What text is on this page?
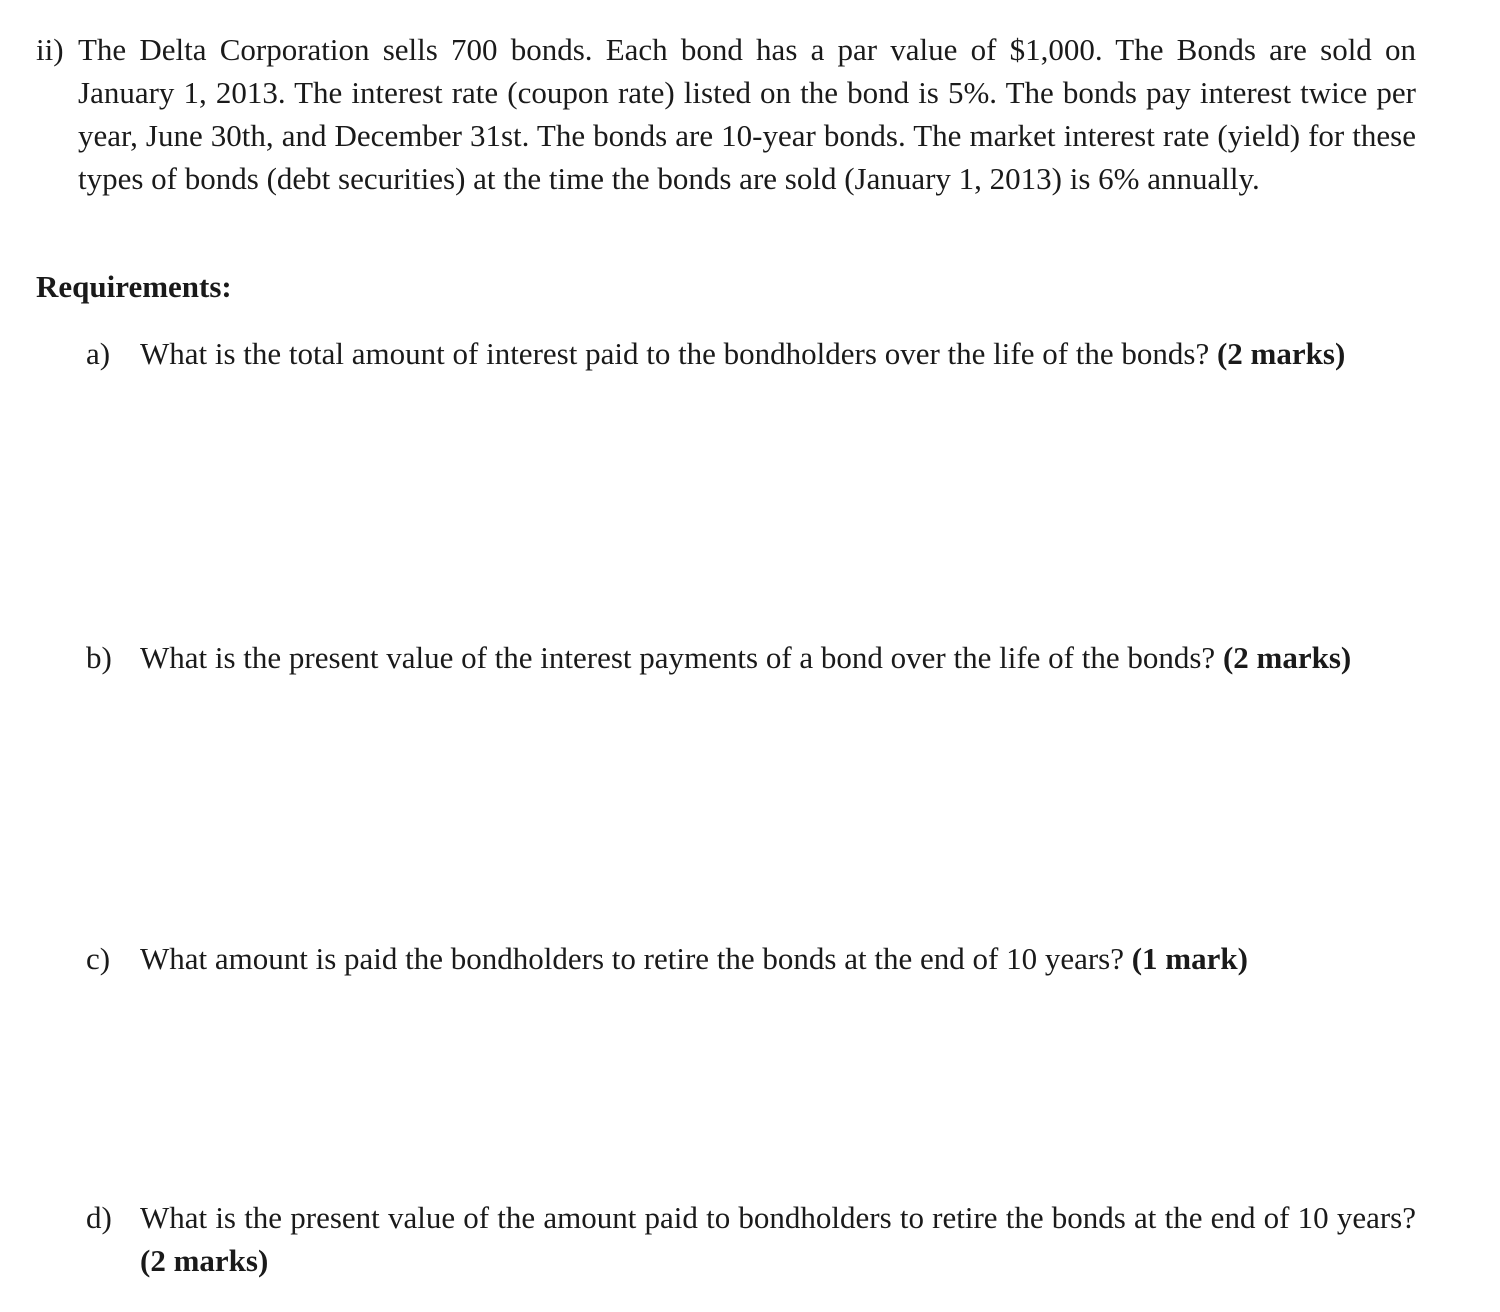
ii) The Delta Corporation sells 700 bonds. Each bond has a par value of $1,000. The Bonds are sold on January 1, 2013. The interest rate (coupon rate) listed on the bond is 5%. The bonds pay interest twice per year, June 30th, and December 31st. The bonds are 10-year bonds. The market interest rate (yield) for these types of bonds (debt securities) at the time the bonds are sold (January 1, 2013) is 6% annually.
Requirements:
a) What is the total amount of interest paid to the bondholders over the life of the bonds? (2 marks)
b) What is the present value of the interest payments of a bond over the life of the bonds? (2 marks)
c) What amount is paid the bondholders to retire the bonds at the end of 10 years? (1 mark)
d) What is the present value of the amount paid to bondholders to retire the bonds at the end of 10 years? (2 marks)
